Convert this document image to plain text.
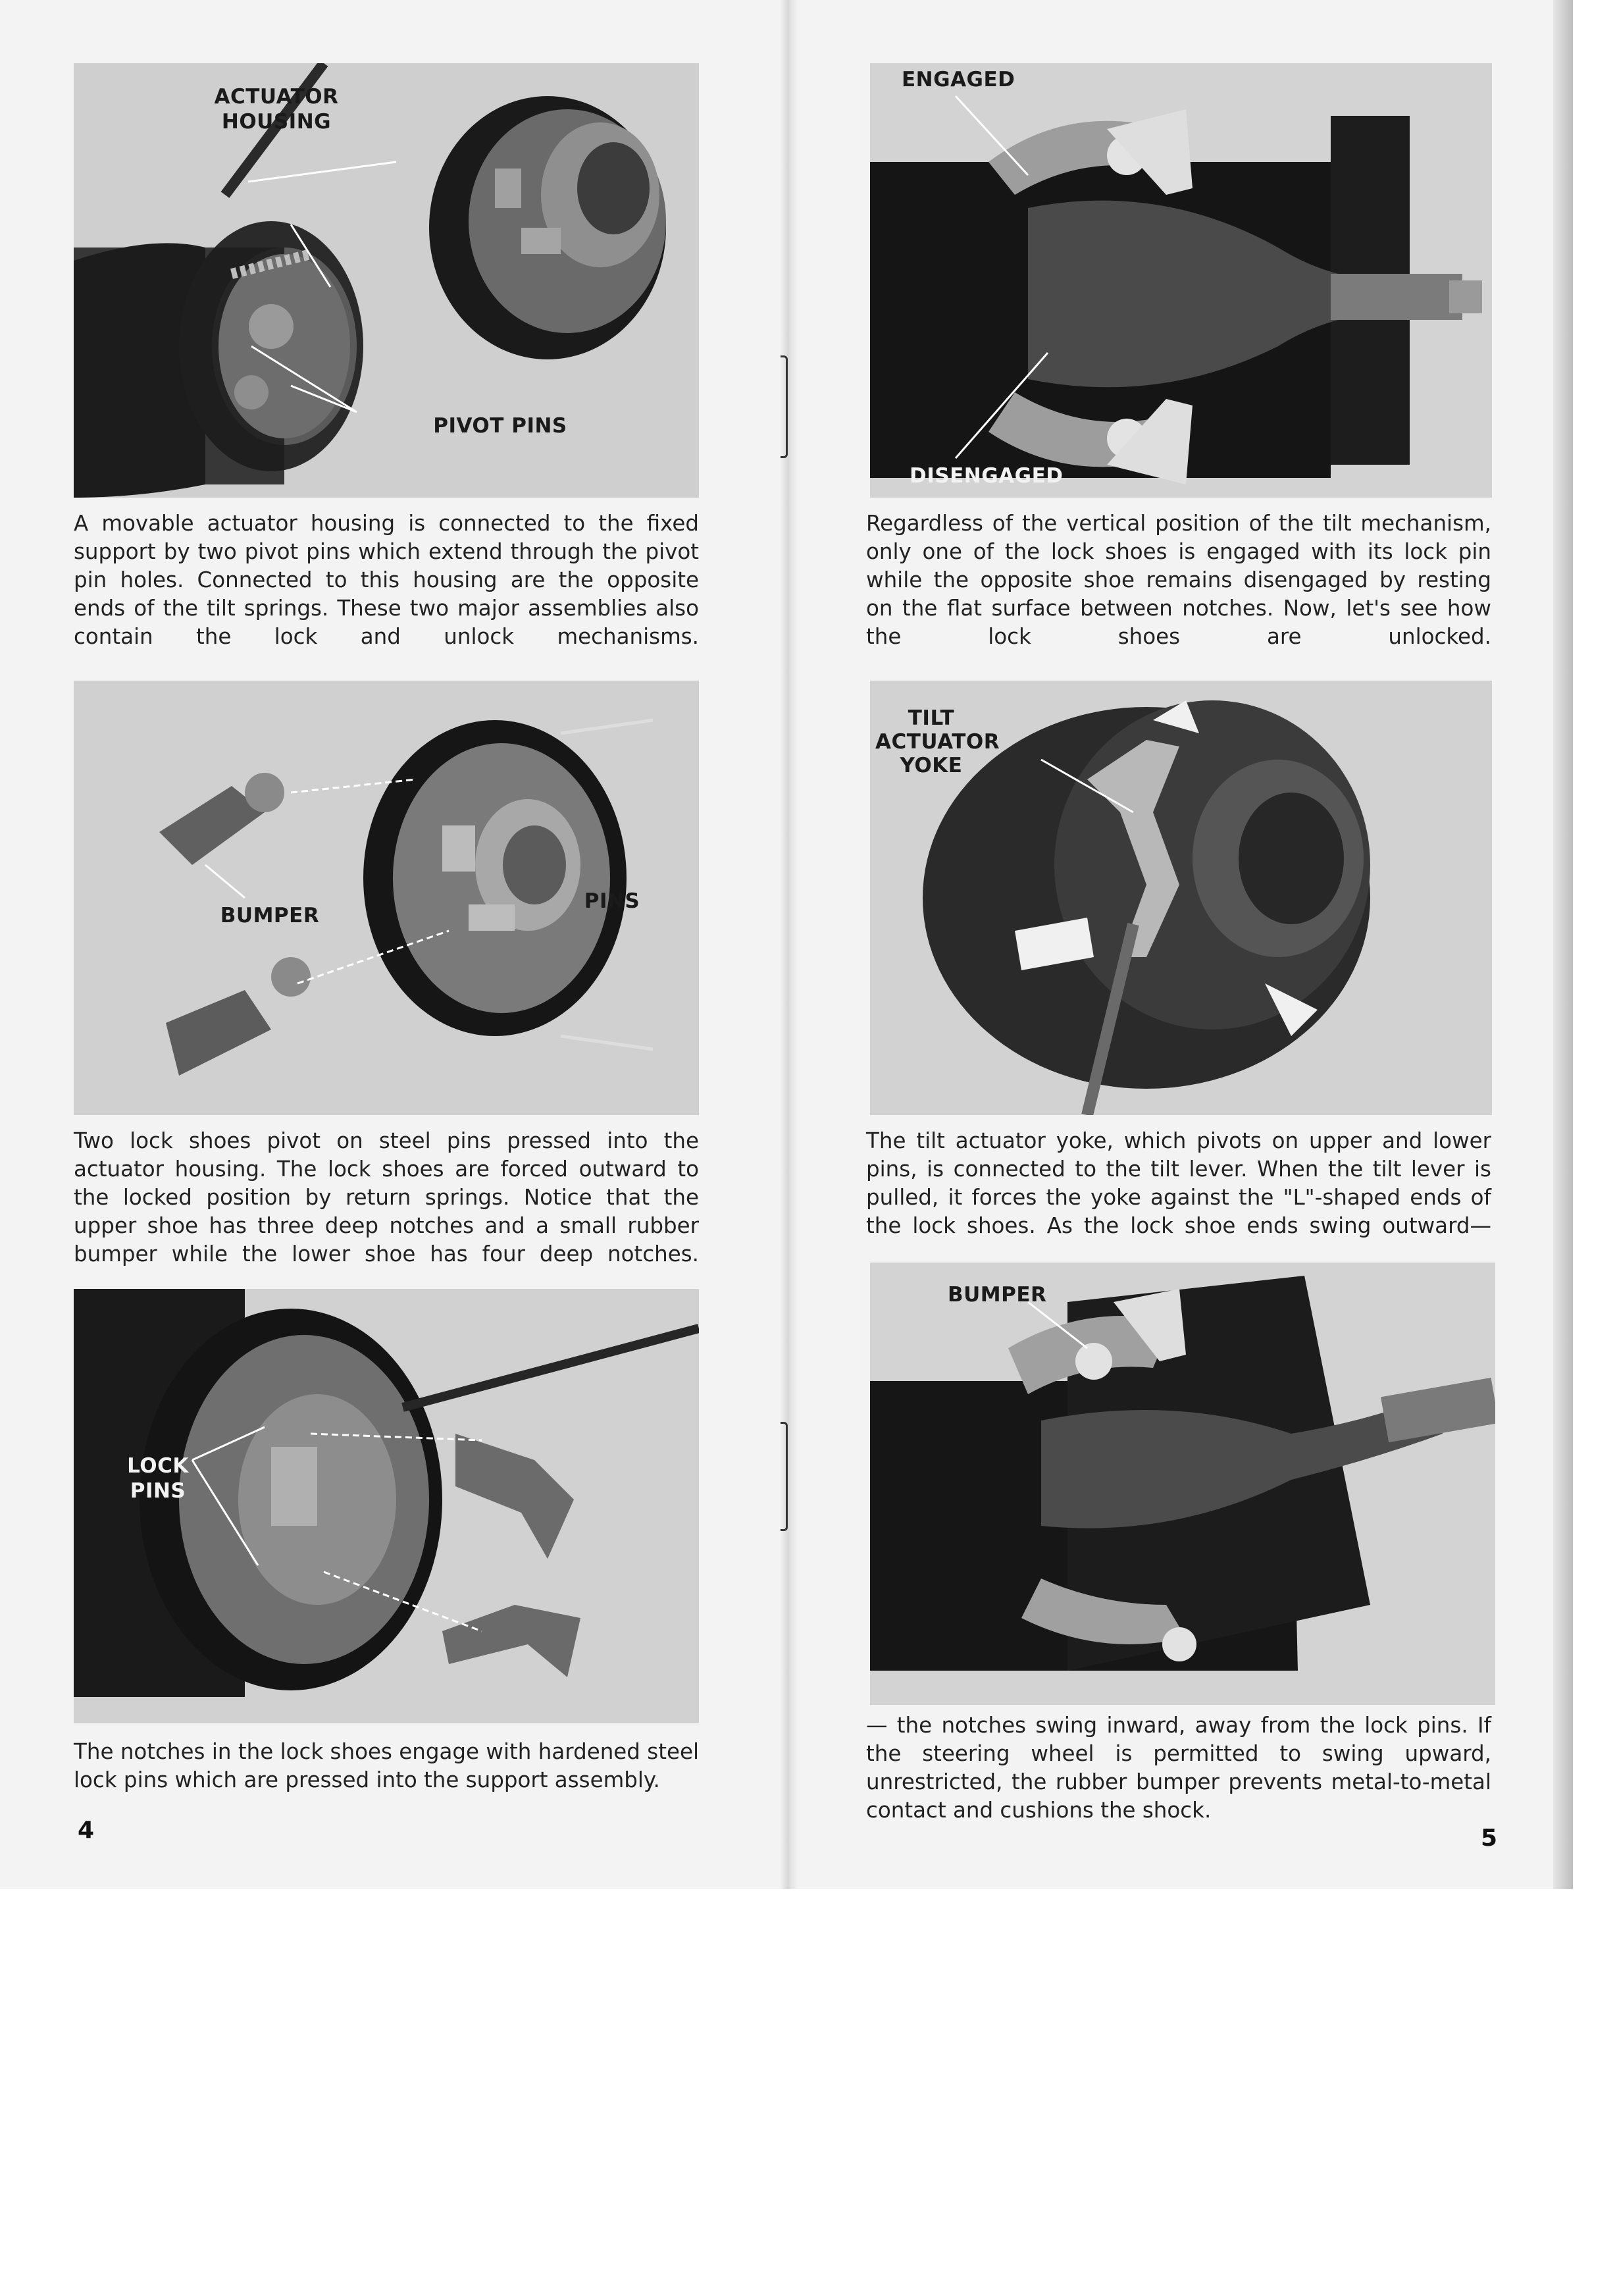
ACTUATOR HOUSING
PIVOT PINS

A movable actuator housing is connected to the fixed support by two pivot pins which extend through the pivot pin holes. Connected to this housing are the opposite ends of the tilt springs. These two major assemblies also contain the lock and unlock mechanisms.

BUMPER
PINS

Two lock shoes pivot on steel pins pressed into the actuator housing. The lock shoes are forced outward to the locked position by return springs. Notice that the upper shoe has three deep notches and a small rubber bumper while the lower shoe has four deep notches.

LOCK PINS

The notches in the lock shoes engage with hardened steel lock pins which are pressed into the support assembly.

4
ENGAGED
DISENGAGED

Regardless of the vertical position of the tilt mechanism, only one of the lock shoes is engaged with its lock pin while the opposite shoe remains disengaged by resting on the flat surface between notches. Now, let's see how the lock shoes are unlocked.

TILT ACTUATOR YOKE

The tilt actuator yoke, which pivots on upper and lower pins, is connected to the tilt lever. When the tilt lever is pulled, it forces the yoke against the "L"-shaped ends of the lock shoes. As the lock shoe ends swing outward—

BUMPER

— the notches swing inward, away from the lock pins. If the steering wheel is permitted to swing upward, unrestricted, the rubber bumper prevents metal-to-metal contact and cushions the shock.

5
